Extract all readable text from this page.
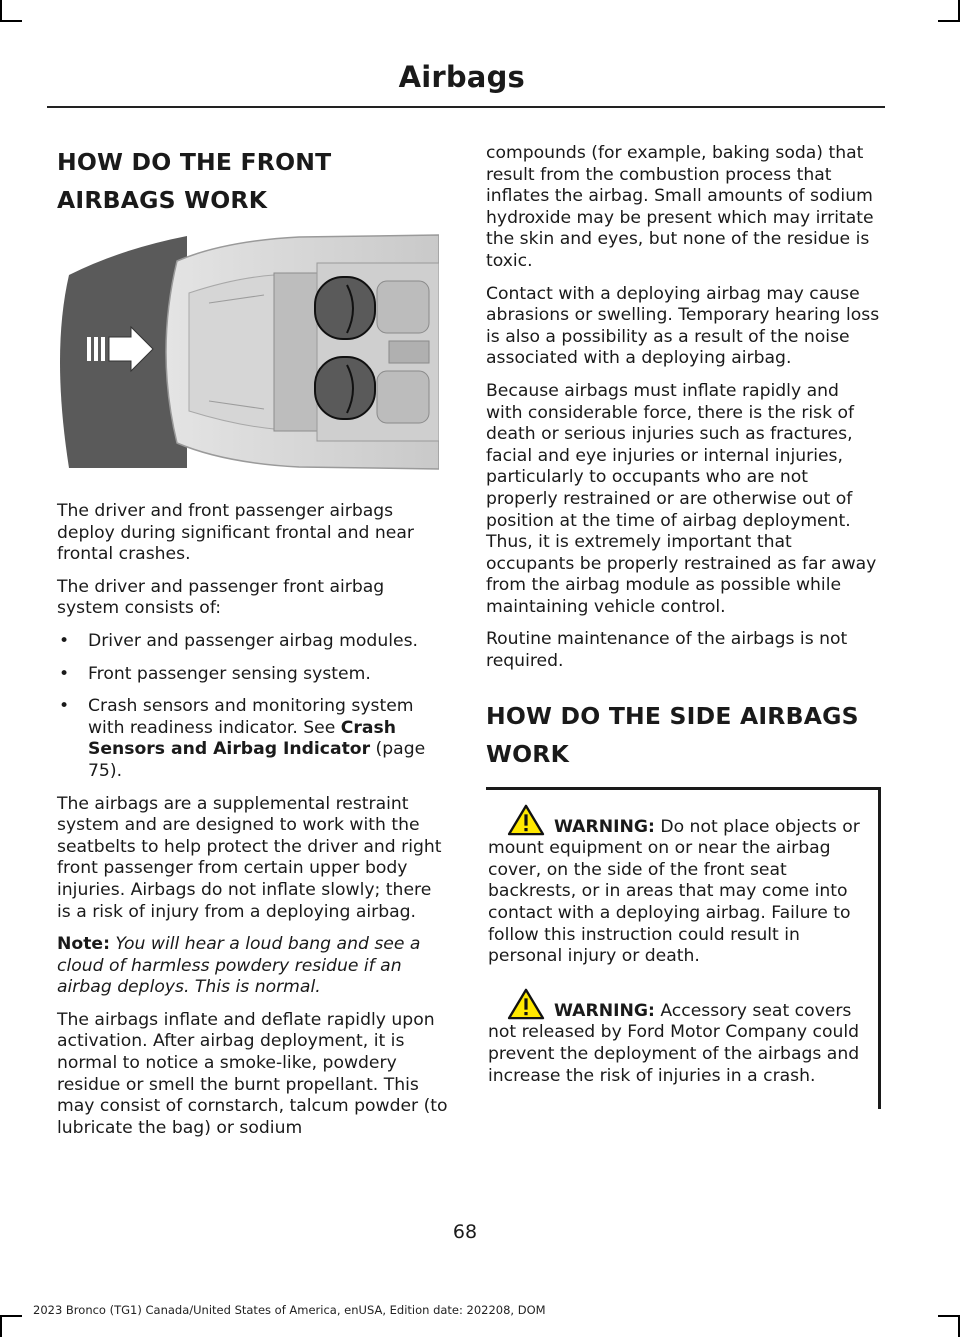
Airbags
HOW DO THE FRONT AIRBAGS WORK

The driver and front passenger airbags deploy during significant frontal and near frontal crashes.

The driver and passenger front airbag system consists of:

• Driver and passenger airbag modules.
• Front passenger sensing system.
• Crash sensors and monitoring system with readiness indicator. See Crash Sensors and Airbag Indicator (page 75).

The airbags are a supplemental restraint system and are designed to work with the seatbelts to help protect the driver and right front passenger from certain upper body injuries. Airbags do not inflate slowly; there is a risk of injury from a deploying airbag.

Note: You will hear a loud bang and see a cloud of harmless powdery residue if an airbag deploys. This is normal.

The airbags inflate and deflate rapidly upon activation. After airbag deployment, it is normal to notice a smoke-like, powdery residue or smell the burnt propellant. This may consist of cornstarch, talcum powder (to lubricate the bag) or sodium

compounds (for example, baking soda) that result from the combustion process that inflates the airbag. Small amounts of sodium hydroxide may be present which may irritate the skin and eyes, but none of the residue is toxic.

Contact with a deploying airbag may cause abrasions or swelling. Temporary hearing loss is also a possibility as a result of the noise associated with a deploying airbag.

Because airbags must inflate rapidly and with considerable force, there is the risk of death or serious injuries such as fractures, facial and eye injuries or internal injuries, particularly to occupants who are not properly restrained or are otherwise out of position at the time of airbag deployment. Thus, it is extremely important that occupants be properly restrained as far away from the airbag module as possible while maintaining vehicle control.

Routine maintenance of the airbags is not required.

HOW DO THE SIDE AIRBAGS WORK

WARNING: Do not place objects or mount equipment on or near the airbag cover, on the side of the front seat backrests, or in areas that may come into contact with a deploying airbag. Failure to follow this instruction could result in personal injury or death.

WARNING: Accessory seat covers not released by Ford Motor Company could prevent the deployment of the airbags and increase the risk of injuries in a crash.

68
2023 Bronco (TG1) Canada/United States of America, enUSA, Edition date: 202208, DOM
